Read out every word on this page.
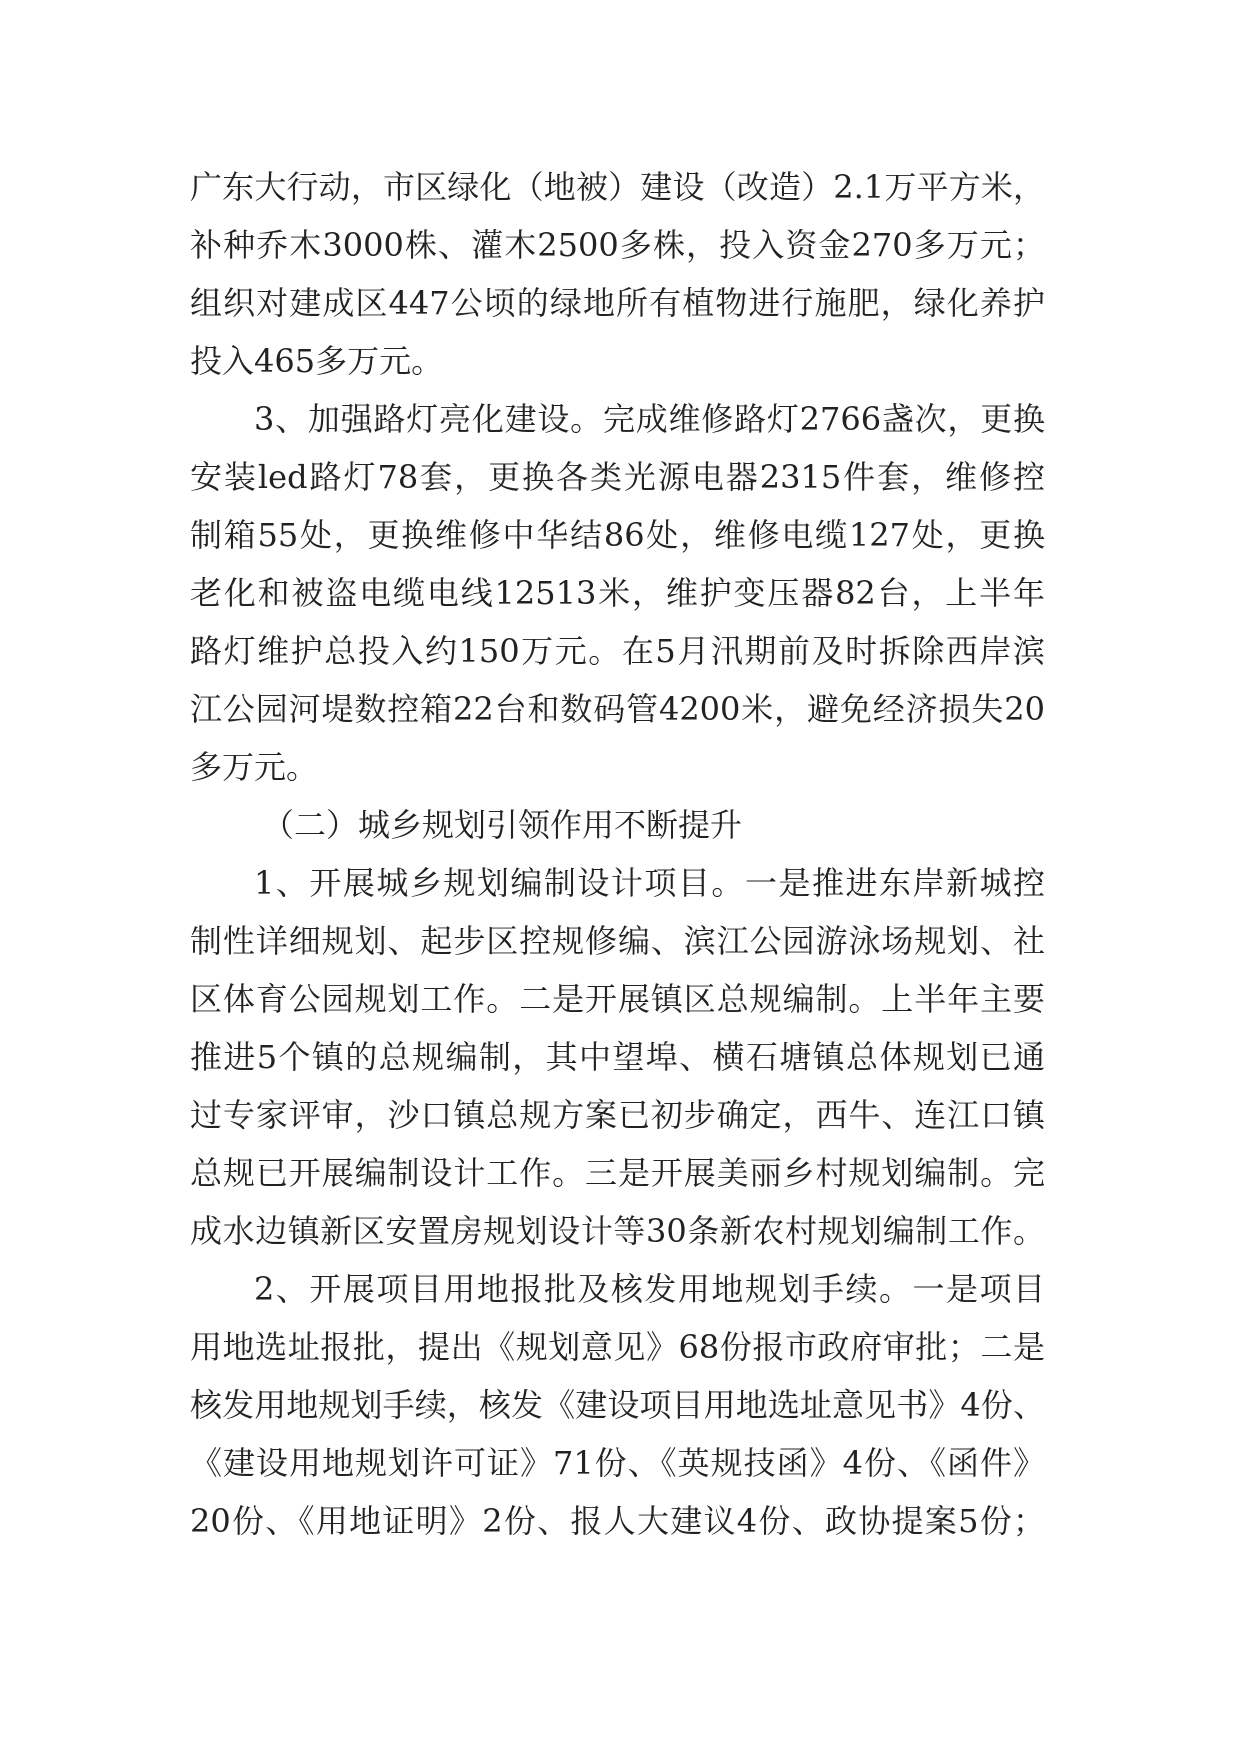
广东大行动，市区绿化（地被）建设（改造）2.1万平方米，

补种乔木3000株、灌木2500多株，投入资金270多万元；

组织对建成区447公顷的绿地所有植物进行施肥，绿化养护

投入465多万元。

3、加强路灯亮化建设。完成维修路灯2766盏次，更换

安装led路灯78套，更换各类光源电器2315件套，维修控

制箱55处，更换维修中华结86处，维修电缆127处，更换

老化和被盗电缆电线12513米，维护变压器82台，上半年

路灯维护总投入约150万元。在5月汛期前及时拆除西岸滨

江公园河堤数控箱22台和数码管4200米，避免经济损失20

多万元。

（二）城乡规划引领作用不断提升

1、开展城乡规划编制设计项目。一是推进东岸新城控

制性详细规划、起步区控规修编、滨江公园游泳场规划、社

区体育公园规划工作。二是开展镇区总规编制。上半年主要

推进5个镇的总规编制，其中望埠、横石塘镇总体规划已通

过专家评审，沙口镇总规方案已初步确定，西牛、连江口镇

总规已开展编制设计工作。三是开展美丽乡村规划编制。完

成水边镇新区安置房规划设计等30条新农村规划编制工作。

2、开展项目用地报批及核发用地规划手续。一是项目

用地选址报批，提出《规划意见》68份报市政府审批；二是

核发用地规划手续，核发《建设项目用地选址意见书》4份、

《建设用地规划许可证》71份、《英规技函》4份、《函件》

20份、《用地证明》2份、报人大建议4份、政协提案5份；
